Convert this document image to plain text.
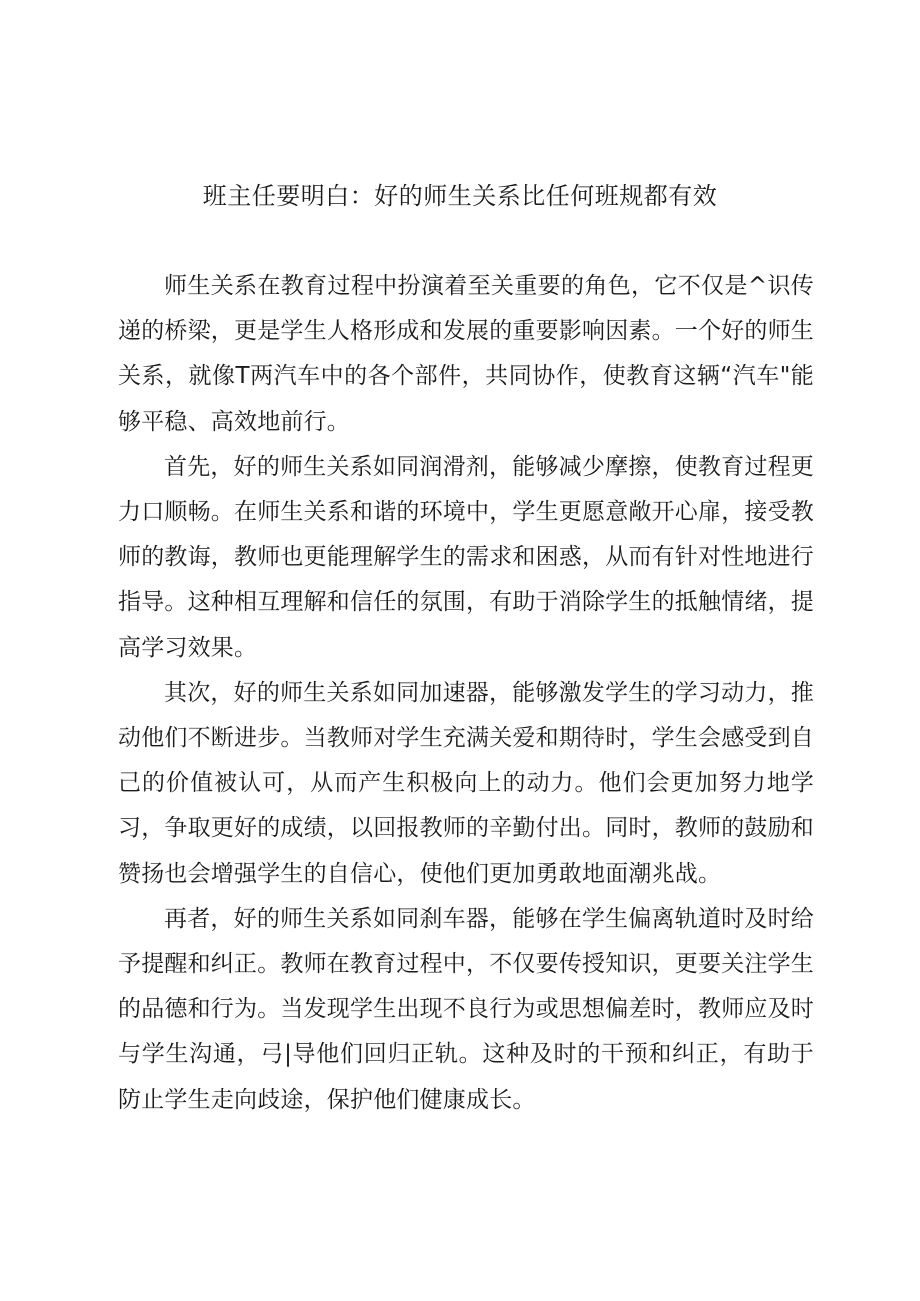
班主任要明白：好的师生关系比任何班规都有效

师生关系在教育过程中扮演着至关重要的角色，它不仅是^识传递的桥梁，更是学生人格形成和发展的重要影响因素。一个好的师生关系，就像T两汽车中的各个部件，共同协作，使教育这辆“汽车"能够平稳、高效地前行。

首先，好的师生关系如同润滑剂，能够减少摩擦，使教育过程更力口顺畅。在师生关系和谐的环境中，学生更愿意敞开心扉，接受教师的教诲，教师也更能理解学生的需求和困惑，从而有针对性地进行指导。这种相互理解和信任的氛围，有助于消除学生的抵触情绪，提高学习效果。

其次，好的师生关系如同加速器，能够激发学生的学习动力，推动他们不断进步。当教师对学生充满关爱和期待时，学生会感受到自己的价值被认可，从而产生积极向上的动力。他们会更加努力地学习，争取更好的成绩，以回报教师的辛勤付出。同时，教师的鼓励和赞扬也会增强学生的自信心，使他们更加勇敢地面潮兆战。

再者，好的师生关系如同刹车器，能够在学生偏离轨道时及时给予提醒和纠正。教师在教育过程中，不仅要传授知识，更要关注学生的品德和行为。当发现学生出现不良行为或思想偏差时，教师应及时与学生沟通，弓|导他们回归正轨。这种及时的干预和纠正，有助于防止学生走向歧途，保护他们健康成长。
